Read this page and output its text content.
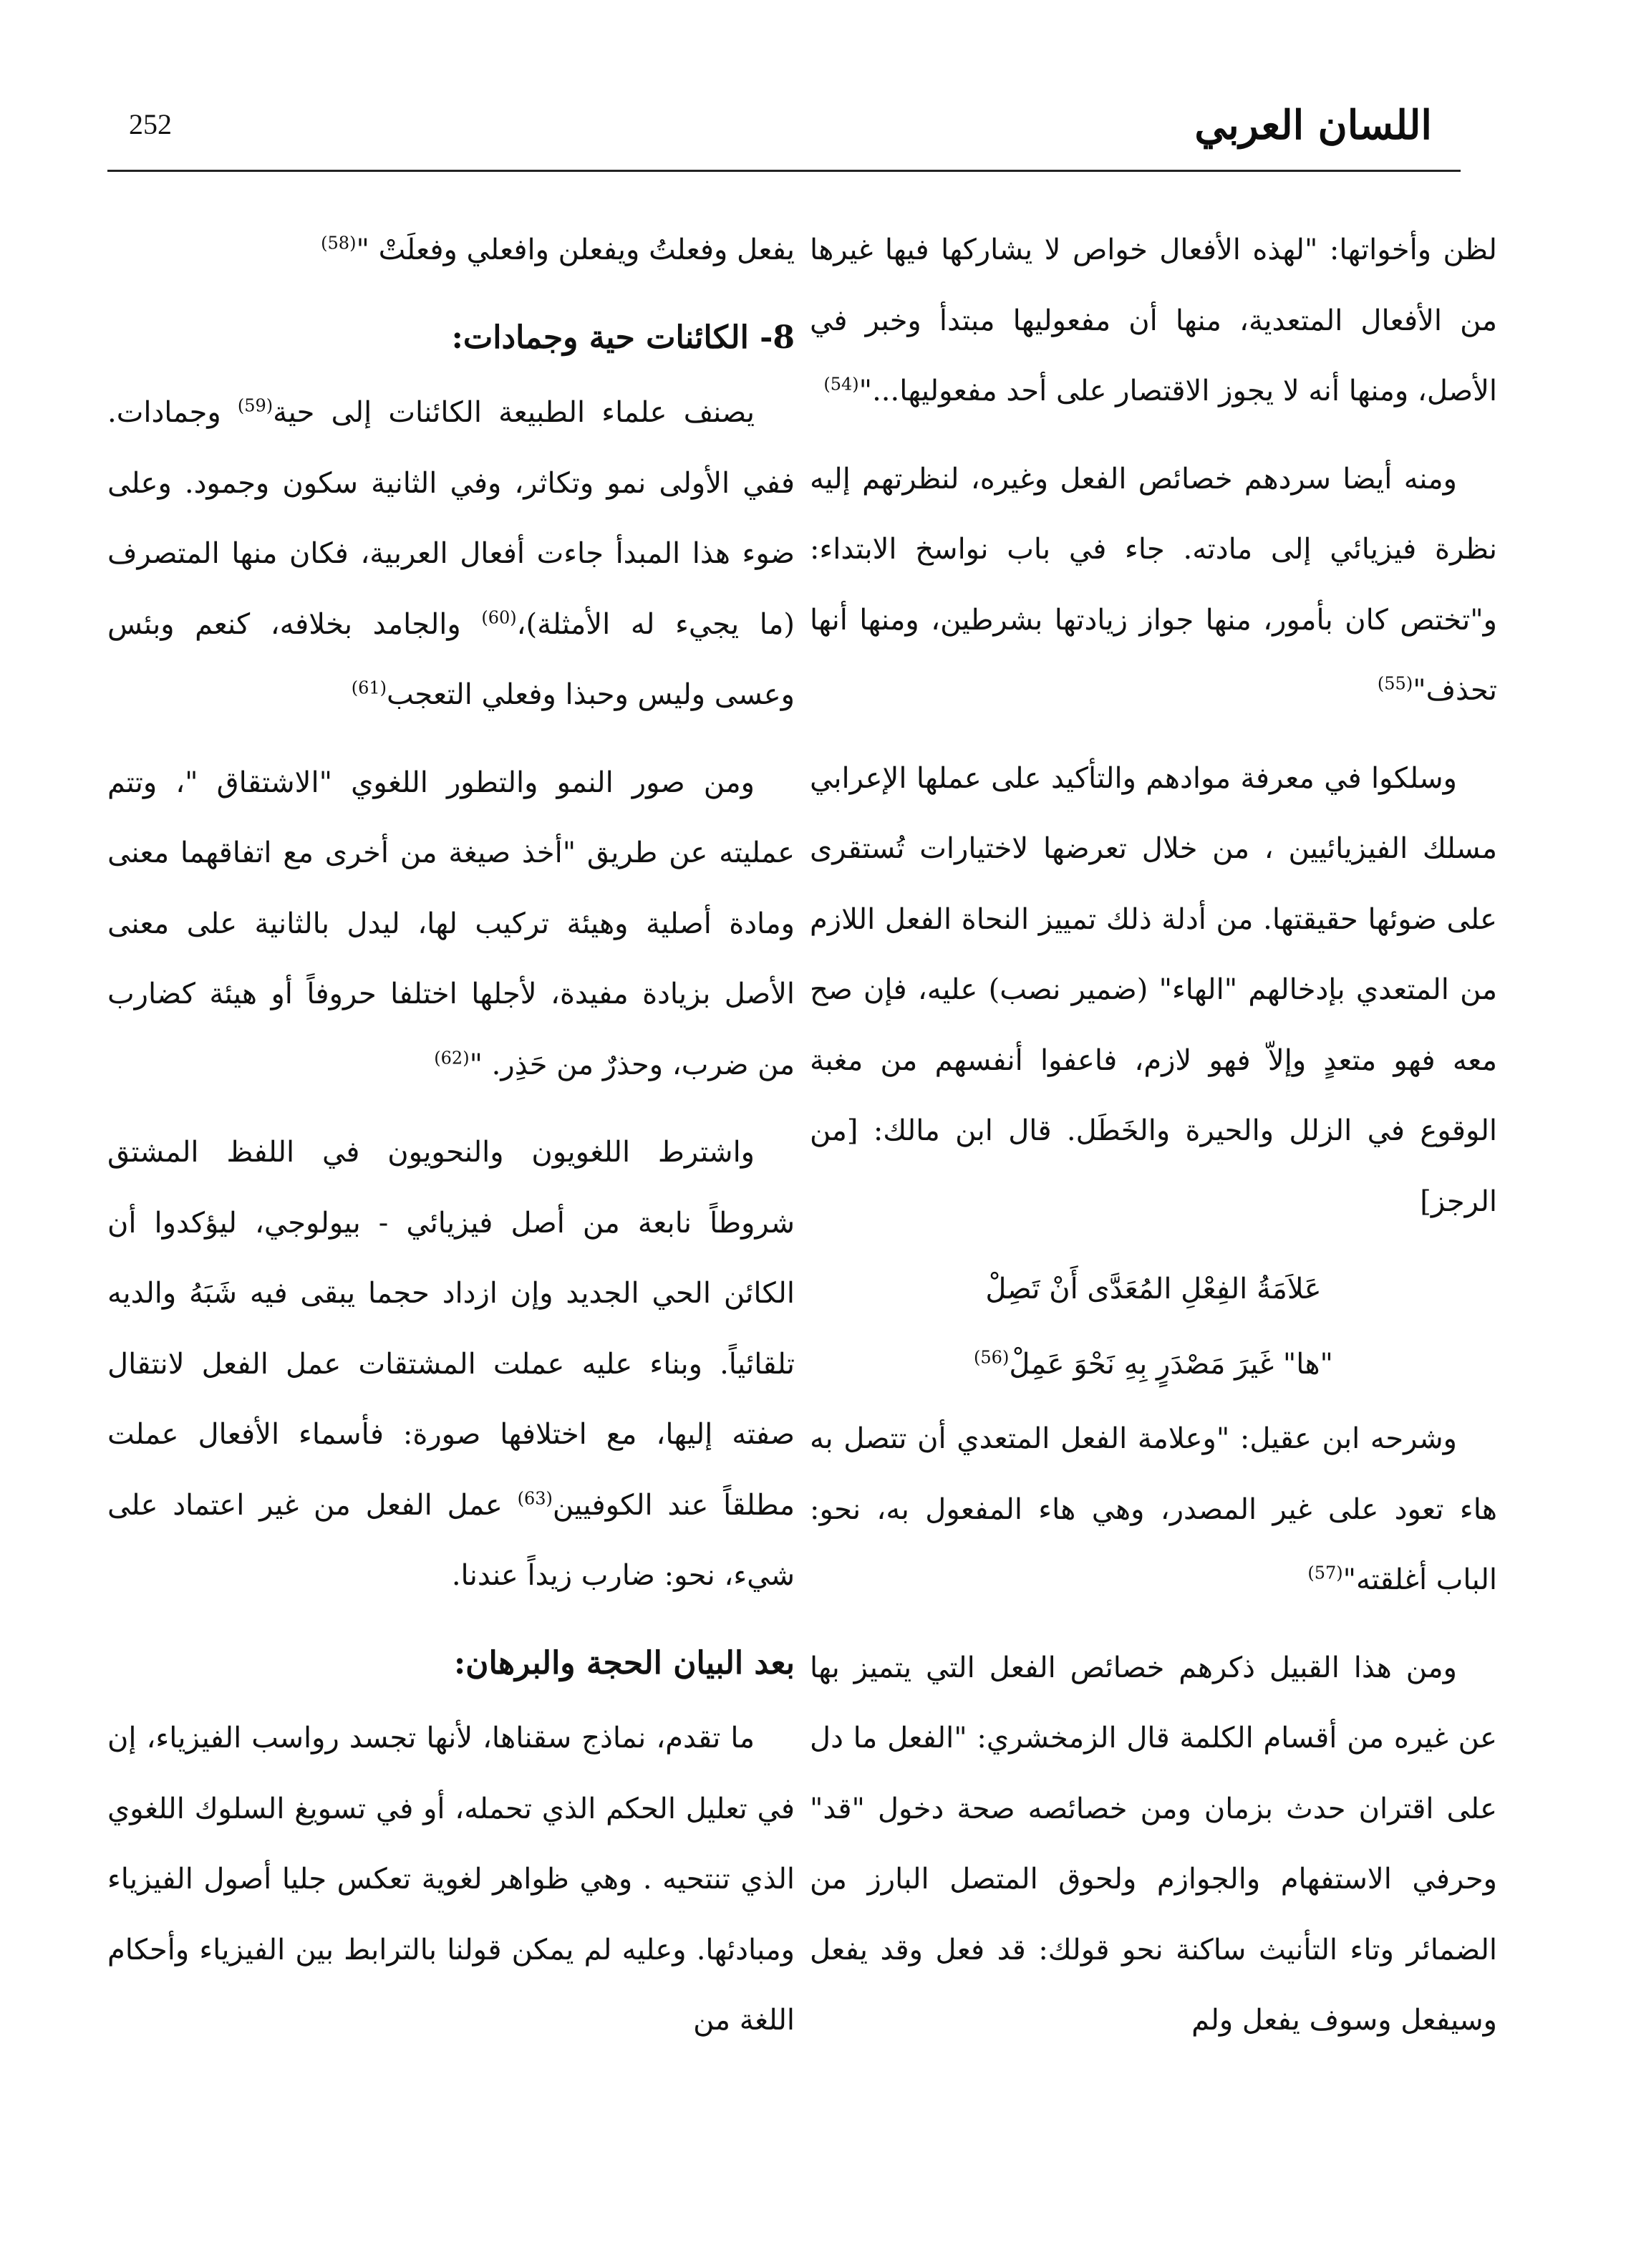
252	اللسان العربي

لظن وأخواتها: "لهذه الأفعال خواص لا يشاركها فيها غيرها من الأفعال المتعدية، منها أن مفعوليها مبتدأ وخبر في الأصل، ومنها أنه لا يجوز الاقتصار على أحد مفعوليها..."$^{(54)}$

ومنه أيضا سردهم خصائص الفعل وغيره، لنظرتهم إليه نظرة فيزيائي إلى مادته. جاء في باب نواسخ الابتداء: و"تختص كان بأمور، منها جواز زيادتها بشرطين، ومنها أنها تحذف"$^{(55)}$

وسلكوا في معرفة موادهم والتأكيد على عملها الإعرابي مسلك الفيزيائيين ، من خلال تعرضها لاختيارات تُستقرى على ضوئها حقيقتها. من أدلة ذلك تمييز النحاة الفعل اللازم من المتعدي بإدخالهم "الهاء" (ضمير نصب) عليه، فإن صح معه فهو متعدٍ وإلاّ فهو لازم، فاعفوا أنفسهم من مغبة الوقوع في الزلل والحيرة والخَطَل. قال ابن مالك: [من الرجز]

عَلاَمَةُ الفِعْلِ المُعَدَّى أَنْ تَصِلْ
"ها" غَيرَ مَصْدَرٍ بِهِ نَحْوَ عَمِلْ$^{(56)}$

وشرحه ابن عقيل: "وعلامة الفعل المتعدي أن تتصل به هاء تعود على غير المصدر، وهي هاء المفعول به، نحو: الباب أغلقته"$^{(57)}$

ومن هذا القبيل ذكرهم خصائص الفعل التي يتميز بها عن غيره من أقسام الكلمة قال الزمخشري: "الفعل ما دل على اقتران حدث بزمان ومن خصائصه صحة دخول "قد" وحرفي الاستفهام والجوازم ولحوق المتصل البارز من الضمائر وتاء التأنيث ساكنة نحو قولك: قد فعل وقد يفعل وسيفعل وسوف يفعل ولم

يفعل وفعلتُ ويفعلن وافعلي وفعلَتْ "$^{(58)}$

8- الكائنات حية وجمادات:

يصنف علماء الطبيعة الكائنات إلى حية$^{(59)}$ وجمادات. ففي الأولى نمو وتكاثر، وفي الثانية سكون وجمود. وعلى ضوء هذا المبدأ جاءت أفعال العربية، فكان منها المتصرف (ما يجيء له الأمثلة)،$^{(60)}$ والجامد بخلافه، كنعم وبئس وعسى وليس وحبذا وفعلي التعجب$^{(61)}$

ومن صور النمو والتطور اللغوي "الاشتقاق "، وتتم عمليته عن طريق "أخذ صيغة من أخرى مع اتفاقهما معنى ومادة أصلية وهيئة تركيب لها، ليدل بالثانية على معنى الأصل بزيادة مفيدة، لأجلها اختلفا حروفاً أو هيئة كضارب من ضرب، وحذرٌ من حَذِر. "$^{(62)}$

واشترط اللغويون والنحويون في اللفظ المشتق شروطاً نابعة من أصل فيزيائي - بيولوجي، ليؤكدوا أن الكائن الحي الجديد وإن ازداد حجما يبقى فيه شَبَهُ والديه تلقائياً. وبناء عليه عملت المشتقات عمل الفعل لانتقال صفته إليها، مع اختلافها صورة: فأسماء الأفعال عملت مطلقاً عند الكوفيين$^{(63)}$ عمل الفعل من غير اعتماد على شيء، نحو: ضارب زيداً عندنا.

بعد البيان الحجة والبرهان:

ما تقدم، نماذج سقناها، لأنها تجسد رواسب الفيزياء، إن في تعليل الحكم الذي تحمله، أو في تسويغ السلوك اللغوي الذي تنتحيه . وهي ظواهر لغوية تعكس جليا أصول الفيزياء ومبادئها. وعليه لم يمكن قولنا بالترابط بين الفيزياء وأحكام اللغة من
